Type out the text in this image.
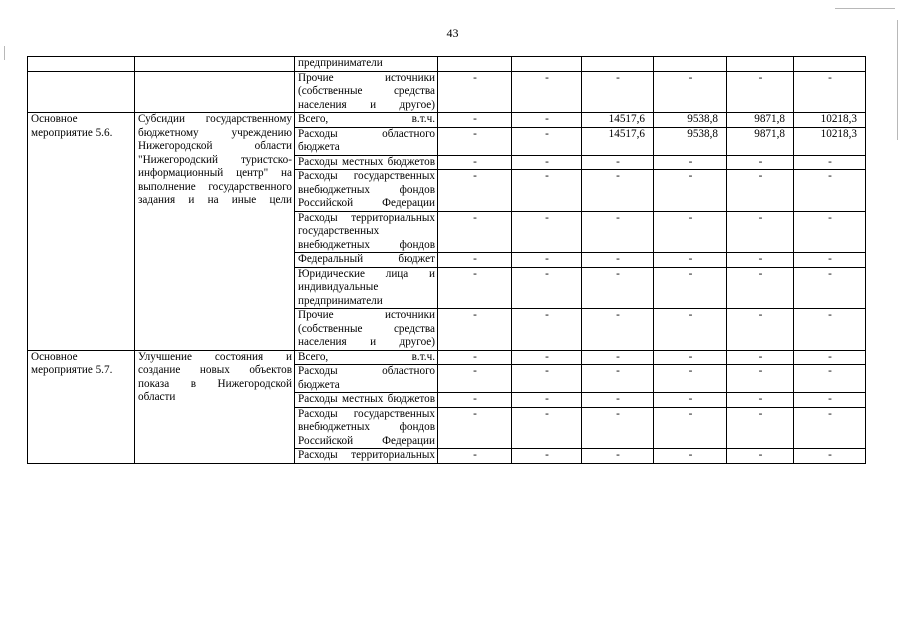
43
		предприниматели						
		Прочие источники (собственные средства населения и другое)	-	-	-	-	-	-
Основное мероприятие 5.6.	Субсидии государственному бюджетному учреждению Нижегородской области "Нижегородский туристско-информационный центр" на выполнение государственного задания и на иные цели	Всего, в.т.ч.	-	-	14517,6	9538,8	9871,8	10218,3
		Расходы областного бюджета	-	-	14517,6	9538,8	9871,8	10218,3
		Расходы местных бюджетов	-	-	-	-	-	-
		Расходы государственных внебюджетных фондов Российской Федерации	-	-	-	-	-	-
		Расходы территориальных государственных внебюджетных фондов	-	-	-	-	-	-
		Федеральный бюджет	-	-	-	-	-	-
		Юридические лица и индивидуальные предприниматели	-	-	-	-	-	-
		Прочие источники (собственные средства населения и другое)	-	-	-	-	-	-
Основное мероприятие 5.7.	Улучшение состояния и создание новых объектов показа в Нижегородской области	Всего, в.т.ч.	-	-	-	-	-	-
		Расходы областного бюджета	-	-	-	-	-	-
		Расходы местных бюджетов	-	-	-	-	-	-
		Расходы государственных внебюджетных фондов Российской Федерации	-	-	-	-	-	-
		Расходы территориальных	-	-	-	-	-	-
